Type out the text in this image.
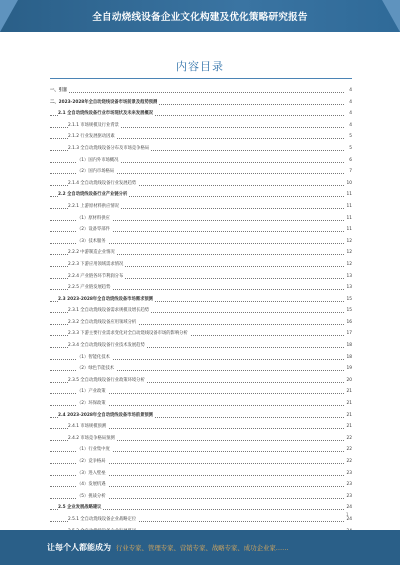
全自动烧线设备企业文化构建及优化策略研究报告
内容目录
一、引言	4
二、2023-2028年全自动烧线设备市场前景及趋势预测	4
2.1 全自动烧线设备行业市场现状及未来发展概况	4
2.1.1 市场规模及行业背景	4
2.1.2 行业发展驱动因素	5
2.1.3 全自动烧线设备分布及市场竞争格局	5
（1）国内外市场概况	6
（2）国内市场格局	7
2.1.4 全自动烧线设备行业发展趋势	10
2.2 全自动烧线设备行业产业链分析	11
2.2.1 上游原材料供应情况	11
（1）原材料供应	11
（2）设备零部件	11
（3）技术服务	12
2.2.2 中游制造企业情况	12
2.2.3 下游应用领域需求情况	12
2.2.4 产业链各环节利润分布	13
2.2.5 产业链发展趋势	13
2.3 2023-2028年全自动烧线设备市场需求预测	15
2.3.1 全自动烧线设备需求规模及增长趋势	15
2.3.2 全自动烧线设备应用领域分析	16
2.3.3 下游主要行业需求变化对全自动烧线设备市场的影响分析	17
2.3.4 全自动烧线设备行业技术发展趋势	18
（1）智能化技术	18
（2）绿色节能技术	19
2.3.5 全自动烧线设备行业政策环境分析	20
（1）产业政策	21
（2）环保政策	21
2.4 2023-2028年全自动烧线设备市场前景预测	21
2.4.1 市场规模预测	21
2.4.2 市场竞争格局预测	22
（1）行业集中度	22
（2）竞争格局	22
（3）进入壁垒	23
（4）发展机遇	23
（5）挑战分析	23
2.5 企业发展战略建议	24
2.5.1 全自动烧线设备企业战略定位	24
1
让每个人都能成为 行业专家、管理专家、营销专家、战略专家、成功企业家……
